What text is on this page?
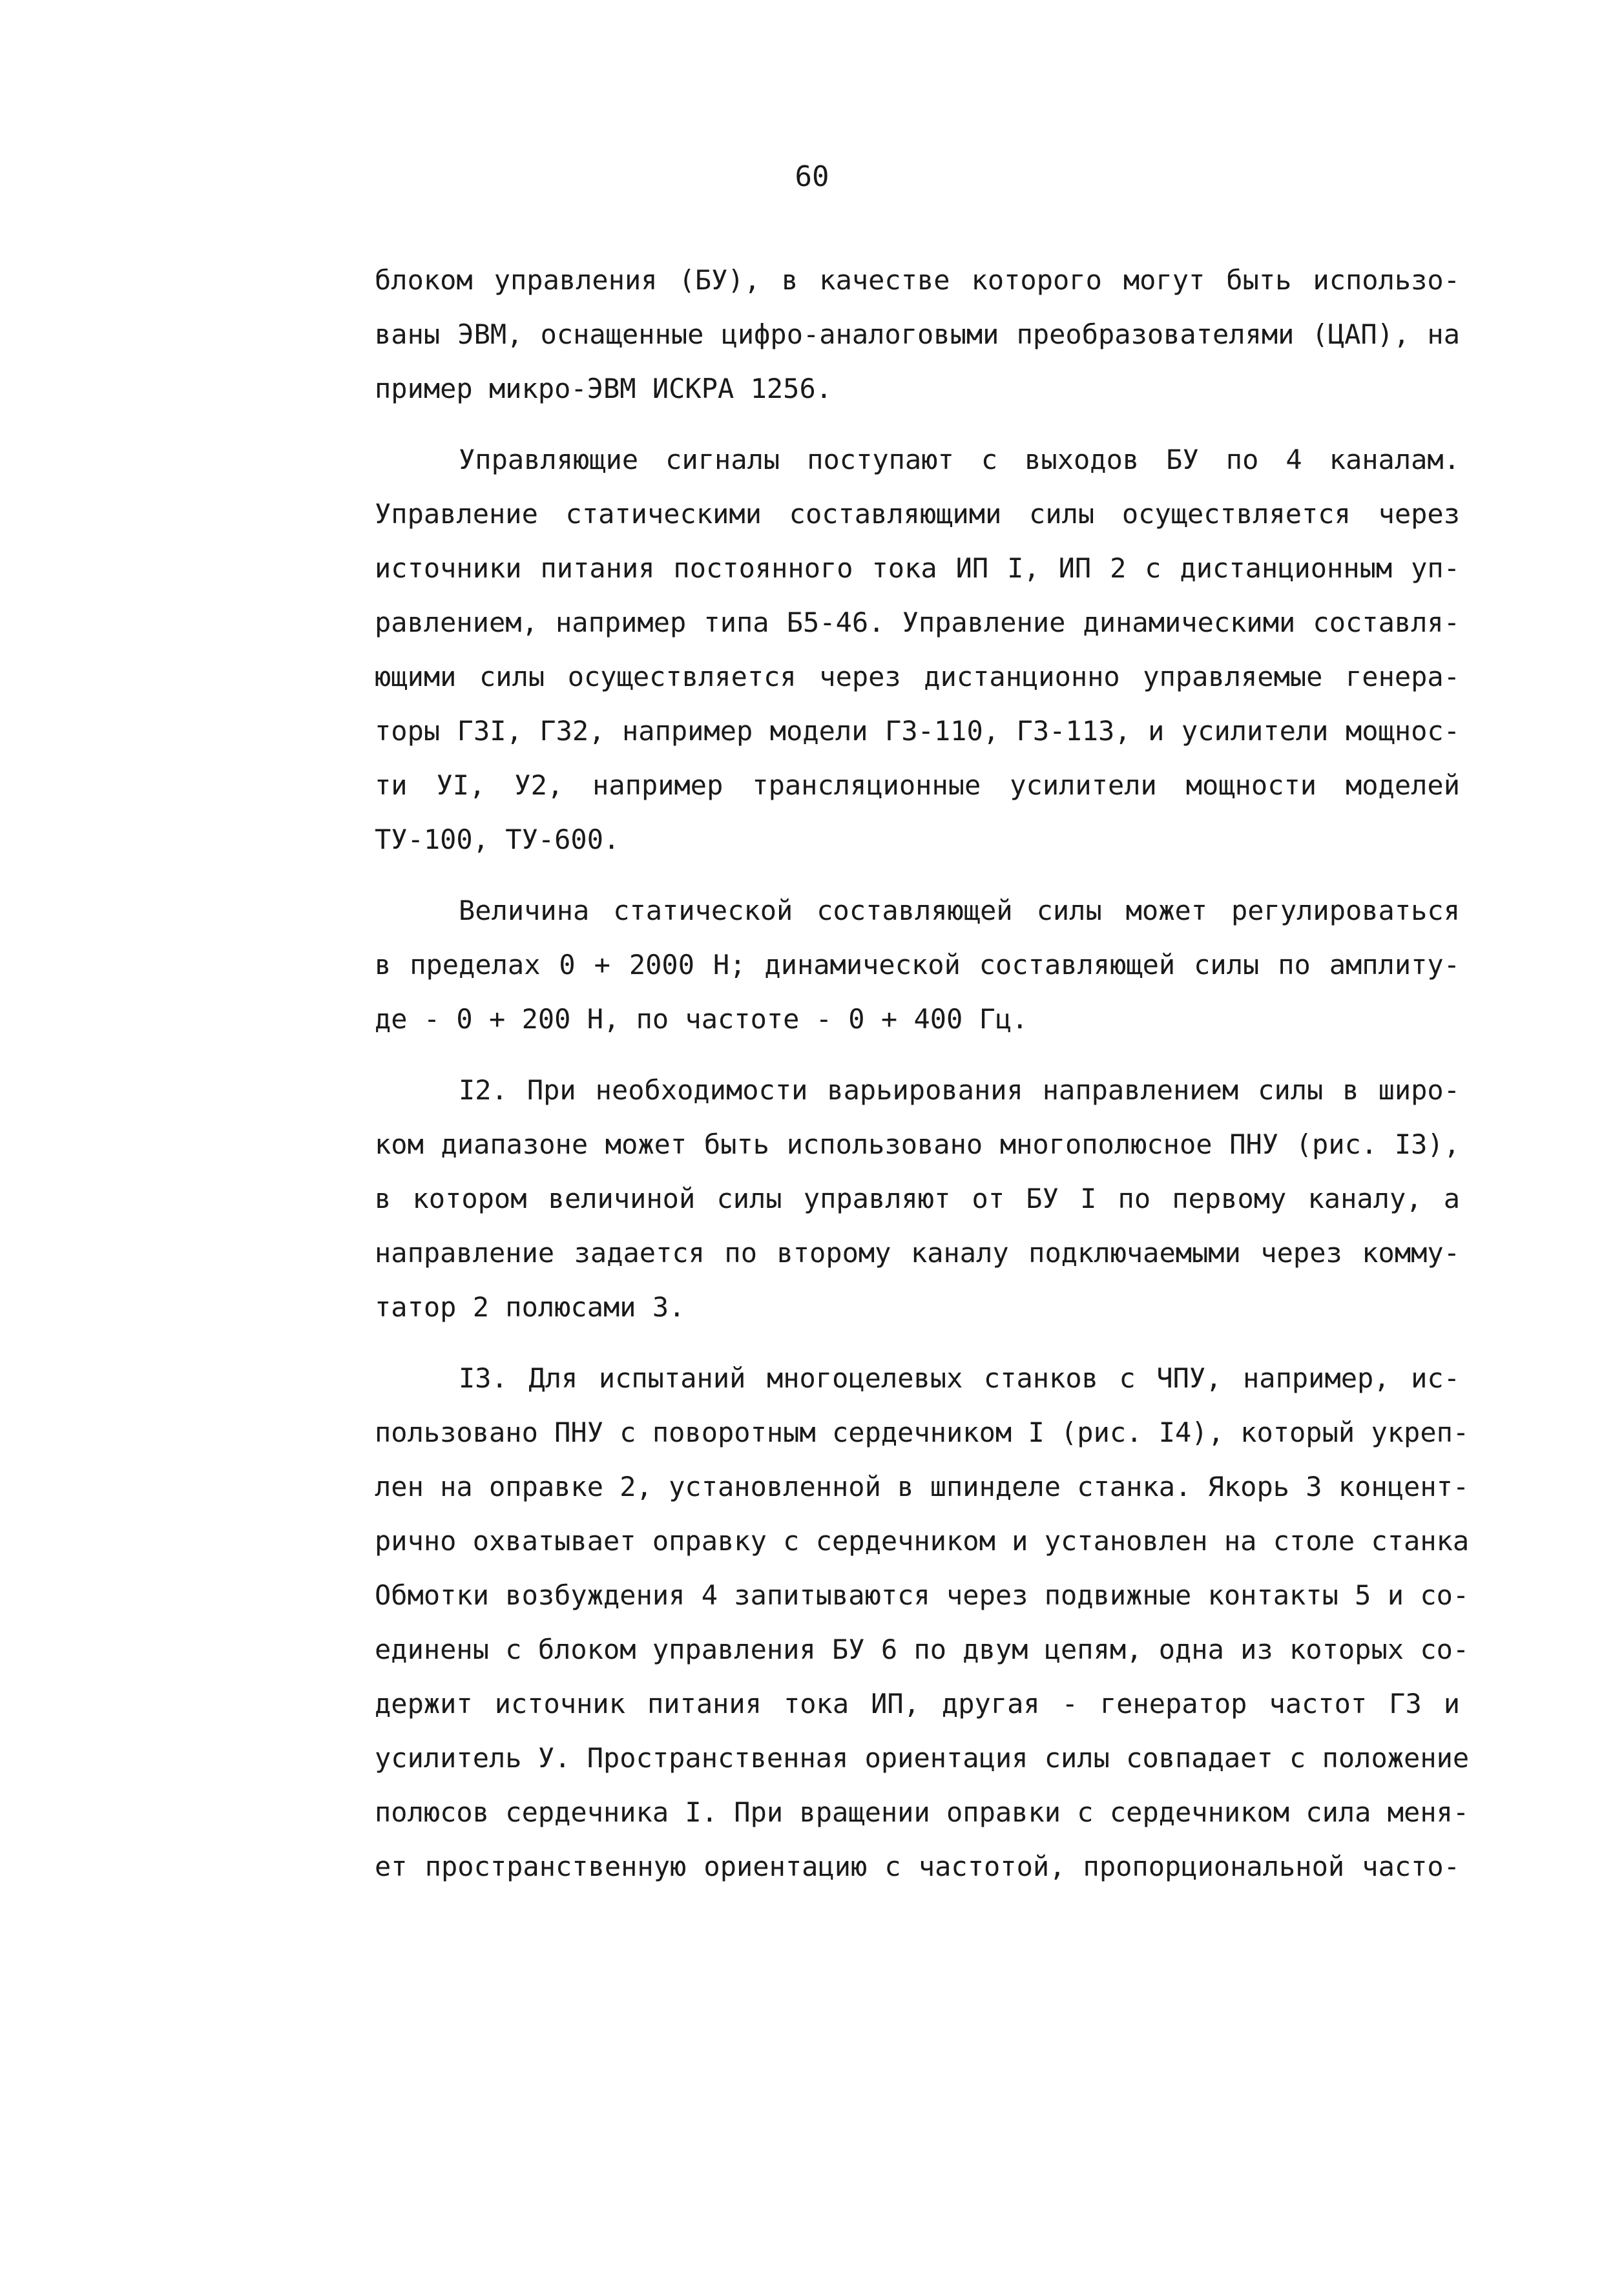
60
блоком управления (БУ), в качестве которого могут быть использо-
ваны ЭВМ, оснащенные цифро-аналоговыми преобразователями (ЦАП), на
пример микро-ЭВМ ИСКРА 1256.
Управляющие сигналы поступают с выходов БУ по 4 каналам.
Управление статическими составляющими силы осуществляется через
источники питания постоянного тока ИП I, ИП 2 с дистанционным уп-
равлением, например типа Б5-46. Управление динамическими составля-
ющими силы осуществляется через дистанционно управляемые генера-
торы Г3I, Г32, например модели Г3-110, Г3-113, и усилители мощнос-
ти УI, У2, например трансляционные усилители мощности моделей
ТУ-100, ТУ-600.
Величина статической составляющей силы может регулироваться
в пределах 0 + 2000 Н; динамической составляющей силы по амплиту-
де - 0 + 200 Н, по частоте - 0 + 400 Гц.
I2. При необходимости варьирования направлением силы в широ-
ком диапазоне может быть использовано многополюсное ПНУ (рис. I3),
в котором величиной силы управляют от БУ I по первому каналу, а
направление задается по второму каналу подключаемыми через комму-
татор 2 полюсами 3.
I3. Для испытаний многоцелевых станков с ЧПУ, например, ис-
пользовано ПНУ с поворотным сердечником I (рис. I4), который укреп-
лен на оправке 2, установленной в шпинделе станка. Якорь 3 концент-
рично охватывает оправку с сердечником и установлен на столе станка
Обмотки возбуждения 4 запитываются через подвижные контакты 5 и со-
единены с блоком управления БУ 6 по двум цепям, одна из которых со-
держит источник питания тока ИП, другая - генератор частот Г3 и
усилитель У. Пространственная ориентация силы совпадает с положение
полюсов сердечника I. При вращении оправки с сердечником сила меня-
ет пространственную ориентацию с частотой, пропорциональной часто-
